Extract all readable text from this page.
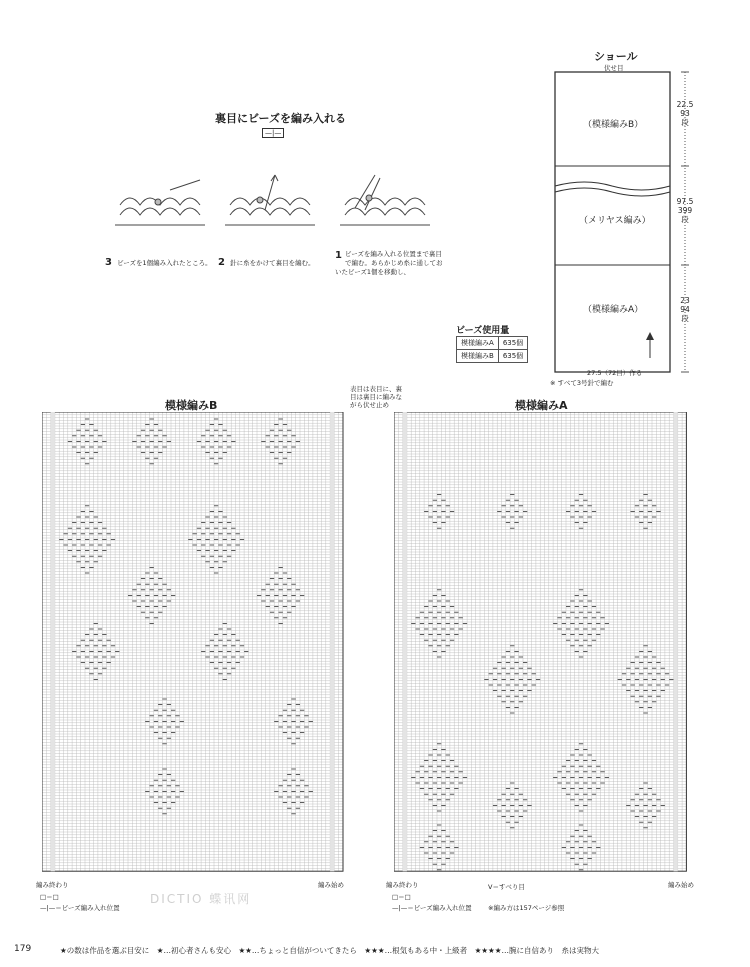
裏目にビーズを編み入れる
—|—
3 ビーズを1個編み入れたところ。 2 針に糸をかけて裏目を編む。
1 ビーズを編み入れる位置まで裏目で編む。あらかじめ糸に通しておいたビーズ1個を移動し、
ショール
伏せ目
（模様編みB）
（メリヤス編み）
（模様編みA）
22.5
93
段
97.5
399
段
23
94
段
27.5（72目）作る
※ すべて3号針で編む
ビーズ使用量
模様編みA	635個
模様編みB	635個
模様編みB
表目は表目に、裏目は裏目に編みながら伏せ止め
編み終わり	編み始め
□＝□
—|—＝ビーズ編み入れ位置
模様編みA
編み終わり	編み始め
□＝□
—|—＝ビーズ編み入れ位置
Ⅴ＝すべり目
※編み方は157ページ参照
DICTIO 蝶讯网
179	★の数は作品を選ぶ目安に　★…初心者さんも安心　★★…ちょっと自信がついてきたら　★★★…根気もある中・上級者　★★★★…腕に自信あり　糸は実物大
